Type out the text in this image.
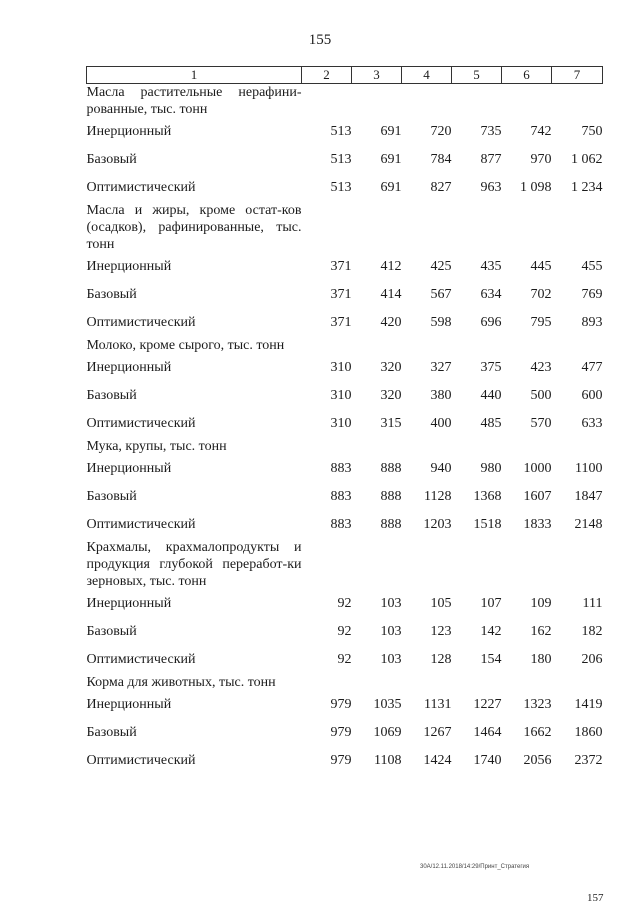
155
1	2	3	4	5	6	7

Масла растительные нерафини-рованные, тыс. тонн						

Инерционный	513	691	720	735	742	750
Базовый	513	691	784	877	970	1 062
Оптимистический	513	691	827	963	1 098	1 234

Масла и жиры, кроме остат-ков (осадков), рафинированные, тыс. тонн						

Инерционный	371	412	425	435	445	455
Базовый	371	414	567	634	702	769
Оптимистический	371	420	598	696	795	893

Молоко, кроме сырого, тыс. тонн						

Инерционный	310	320	327	375	423	477
Базовый	310	320	380	440	500	600
Оптимистический	310	315	400	485	570	633

Мука, крупы, тыс. тонн						

Инерционный	883	888	940	980	1000	1100
Базовый	883	888	1128	1368	1607	1847
Оптимистический	883	888	1203	1518	1833	2148

Крахмалы, крахмалопродукты и продукция глубокой переработ-ки зерновых, тыс. тонн						

Инерционный	92	103	105	107	109	111
Базовый	92	103	123	142	162	182
Оптимистический	92	103	128	154	180	206

Корма для животных, тыс. тонн						

Инерционный	979	1035	1131	1227	1323	1419
Базовый	979	1069	1267	1464	1662	1860
Оптимистический	979	1108	1424	1740	2056	2372
30А/12.11.2018/14:29/Принт_Стратегия
157
